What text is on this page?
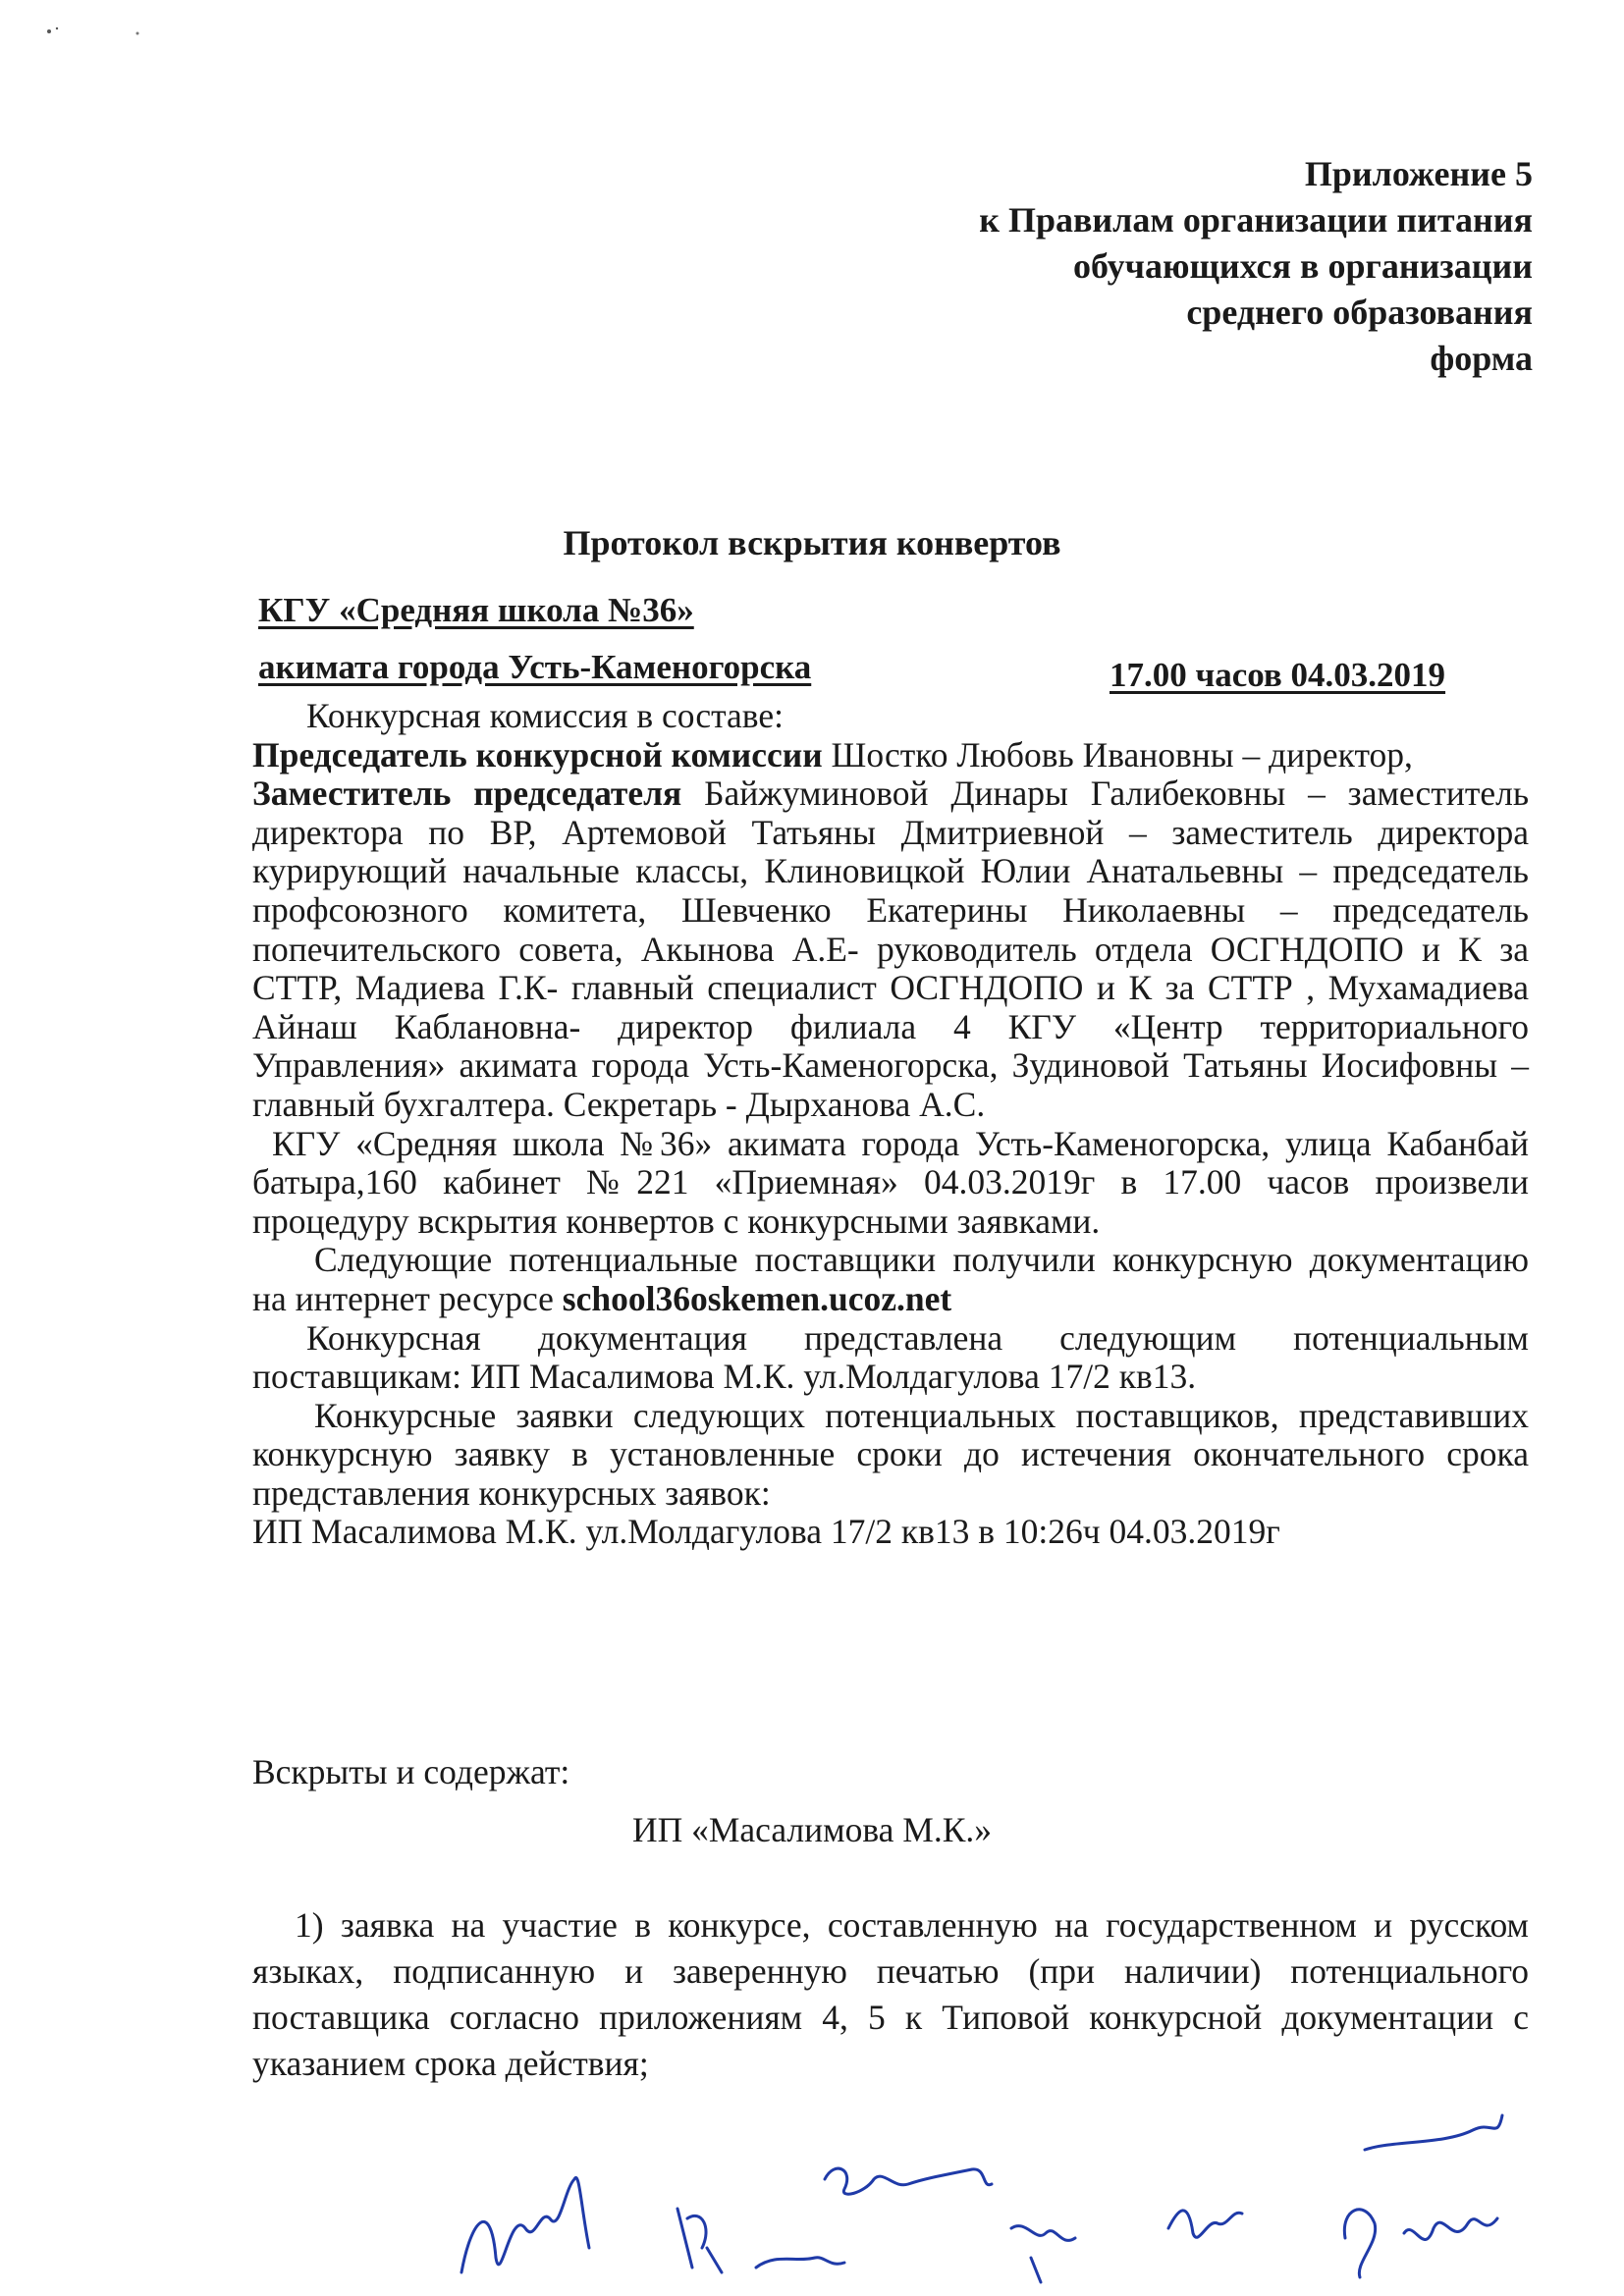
Приложение 5
к Правилам организации питания
обучающихся в организации
среднего образования
форма
Протокол вскрытия конвертов
КГУ «Средняя школа №36»
акимата города Усть-Каменогорска	17.00 часов 04.03.2019

Конкурсная комиссия в составе:

Председатель конкурсной комиссии Шостко Любовь Ивановны – директор,
Заместитель председателя Байжуминовой Динары Галибековны – заместитель директора по ВР, Артемовой Татьяны Дмитриевной – заместитель директора курирующий начальные классы, Клиновицкой Юлии Анатальевны – председатель профсоюзного комитета, Шевченко Екатерины Николаевны – председатель попечительского совета, Акынова А.Е- руководитель отдела ОСГНДОПО и К за СТТР, Мадиева Г.К- главный специалист ОСГНДОПО и К за СТТР , Мухамадиева Айнаш Каблановна- директор филиала 4 КГУ «Центр территориального Управления» акимата города Усть-Каменогорска, Зудиновой Татьяны Иосифовны – главный бухгалтера. Секретарь - Дырханова А.С.

КГУ «Средняя школа №36» акимата города Усть-Каменогорска, улица Кабанбай батыра,160 кабинет №221 «Приемная» 04.03.2019г в 17.00 часов произвели процедуру вскрытия конвертов с конкурсными заявками.

Следующие потенциальные поставщики получили конкурсную документацию на интернет ресурсе school36oskemen.ucoz.net

Конкурсная документация представлена следующим потенциальным поставщикам: ИП Масалимова М.К. ул.Молдагулова 17/2 кв13.

Конкурсные заявки следующих потенциальных поставщиков, представивших конкурсную заявку в установленные сроки до истечения окончательного срока представления конкурсных заявок:

ИП Масалимова М.К. ул.Молдагулова 17/2 кв13 в 10:26ч 04.03.2019г

Вскрыты и содержат:
ИП «Масалимова М.К.»
1) заявка на участие в конкурсе, составленную на государственном и русском языках, подписанную и заверенную печатью (при наличии) потенциального поставщика согласно приложениям 4, 5 к Типовой конкурсной документации с указанием срока действия;
